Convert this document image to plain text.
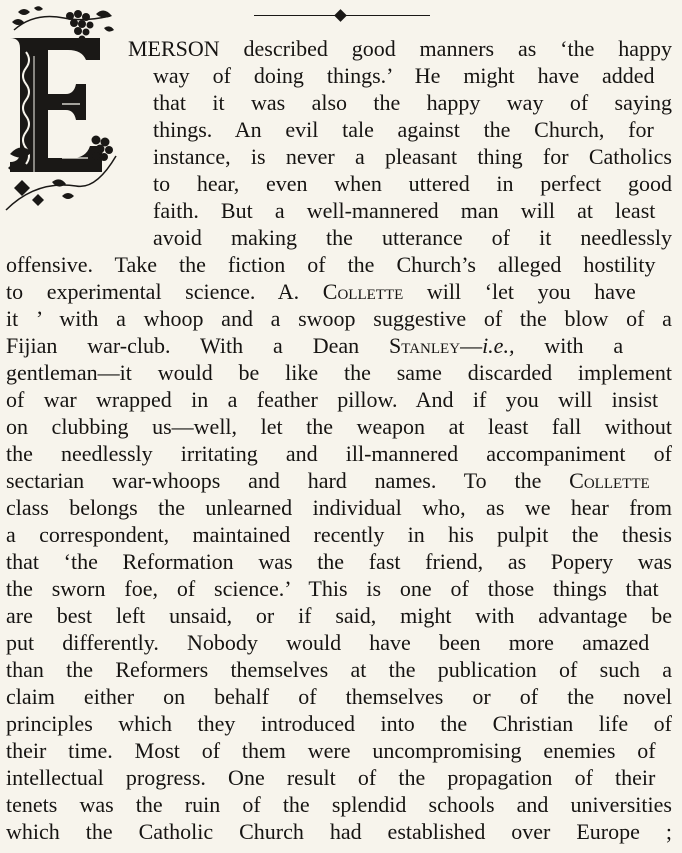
MERSON described good manners as ‘the happy
way of doing things.’ He might have added
that it was also the happy way of saying
things. An evil tale against the Church, for
instance, is never a pleasant thing for Catholics
to hear, even when uttered in perfect good
faith. But a well-mannered man will at least
avoid making the utterance of it needlessly
offensive. Take the fiction of the Church’s alleged hostility
to experimental science. A. Collette will ‘let you have
it ’ with a whoop and a swoop suggestive of the blow of a
Fijian war-club. With a Dean Stanley—i.e., with a
gentleman—it would be like the same discarded implement
of war wrapped in a feather pillow. And if you will insist
on clubbing us—well, let the weapon at least fall without
the needlessly irritating and ill-mannered accompaniment of
sectarian war-whoops and hard names. To the Collette
class belongs the unlearned individual who, as we hear from
a correspondent, maintained recently in his pulpit the thesis
that ‘the Reformation was the fast friend, as Popery was
the sworn foe, of science.’ This is one of those things that
are best left unsaid, or if said, might with advantage be
put differently. Nobody would have been more amazed
than the Reformers themselves at the publication of such a
claim either on behalf of themselves or of the novel
principles which they introduced into the Christian life of
their time. Most of them were uncompromising enemies of
intellectual progress. One result of the propagation of their
tenets was the ruin of the splendid schools and universities
which the Catholic Church had established over Europe ;
